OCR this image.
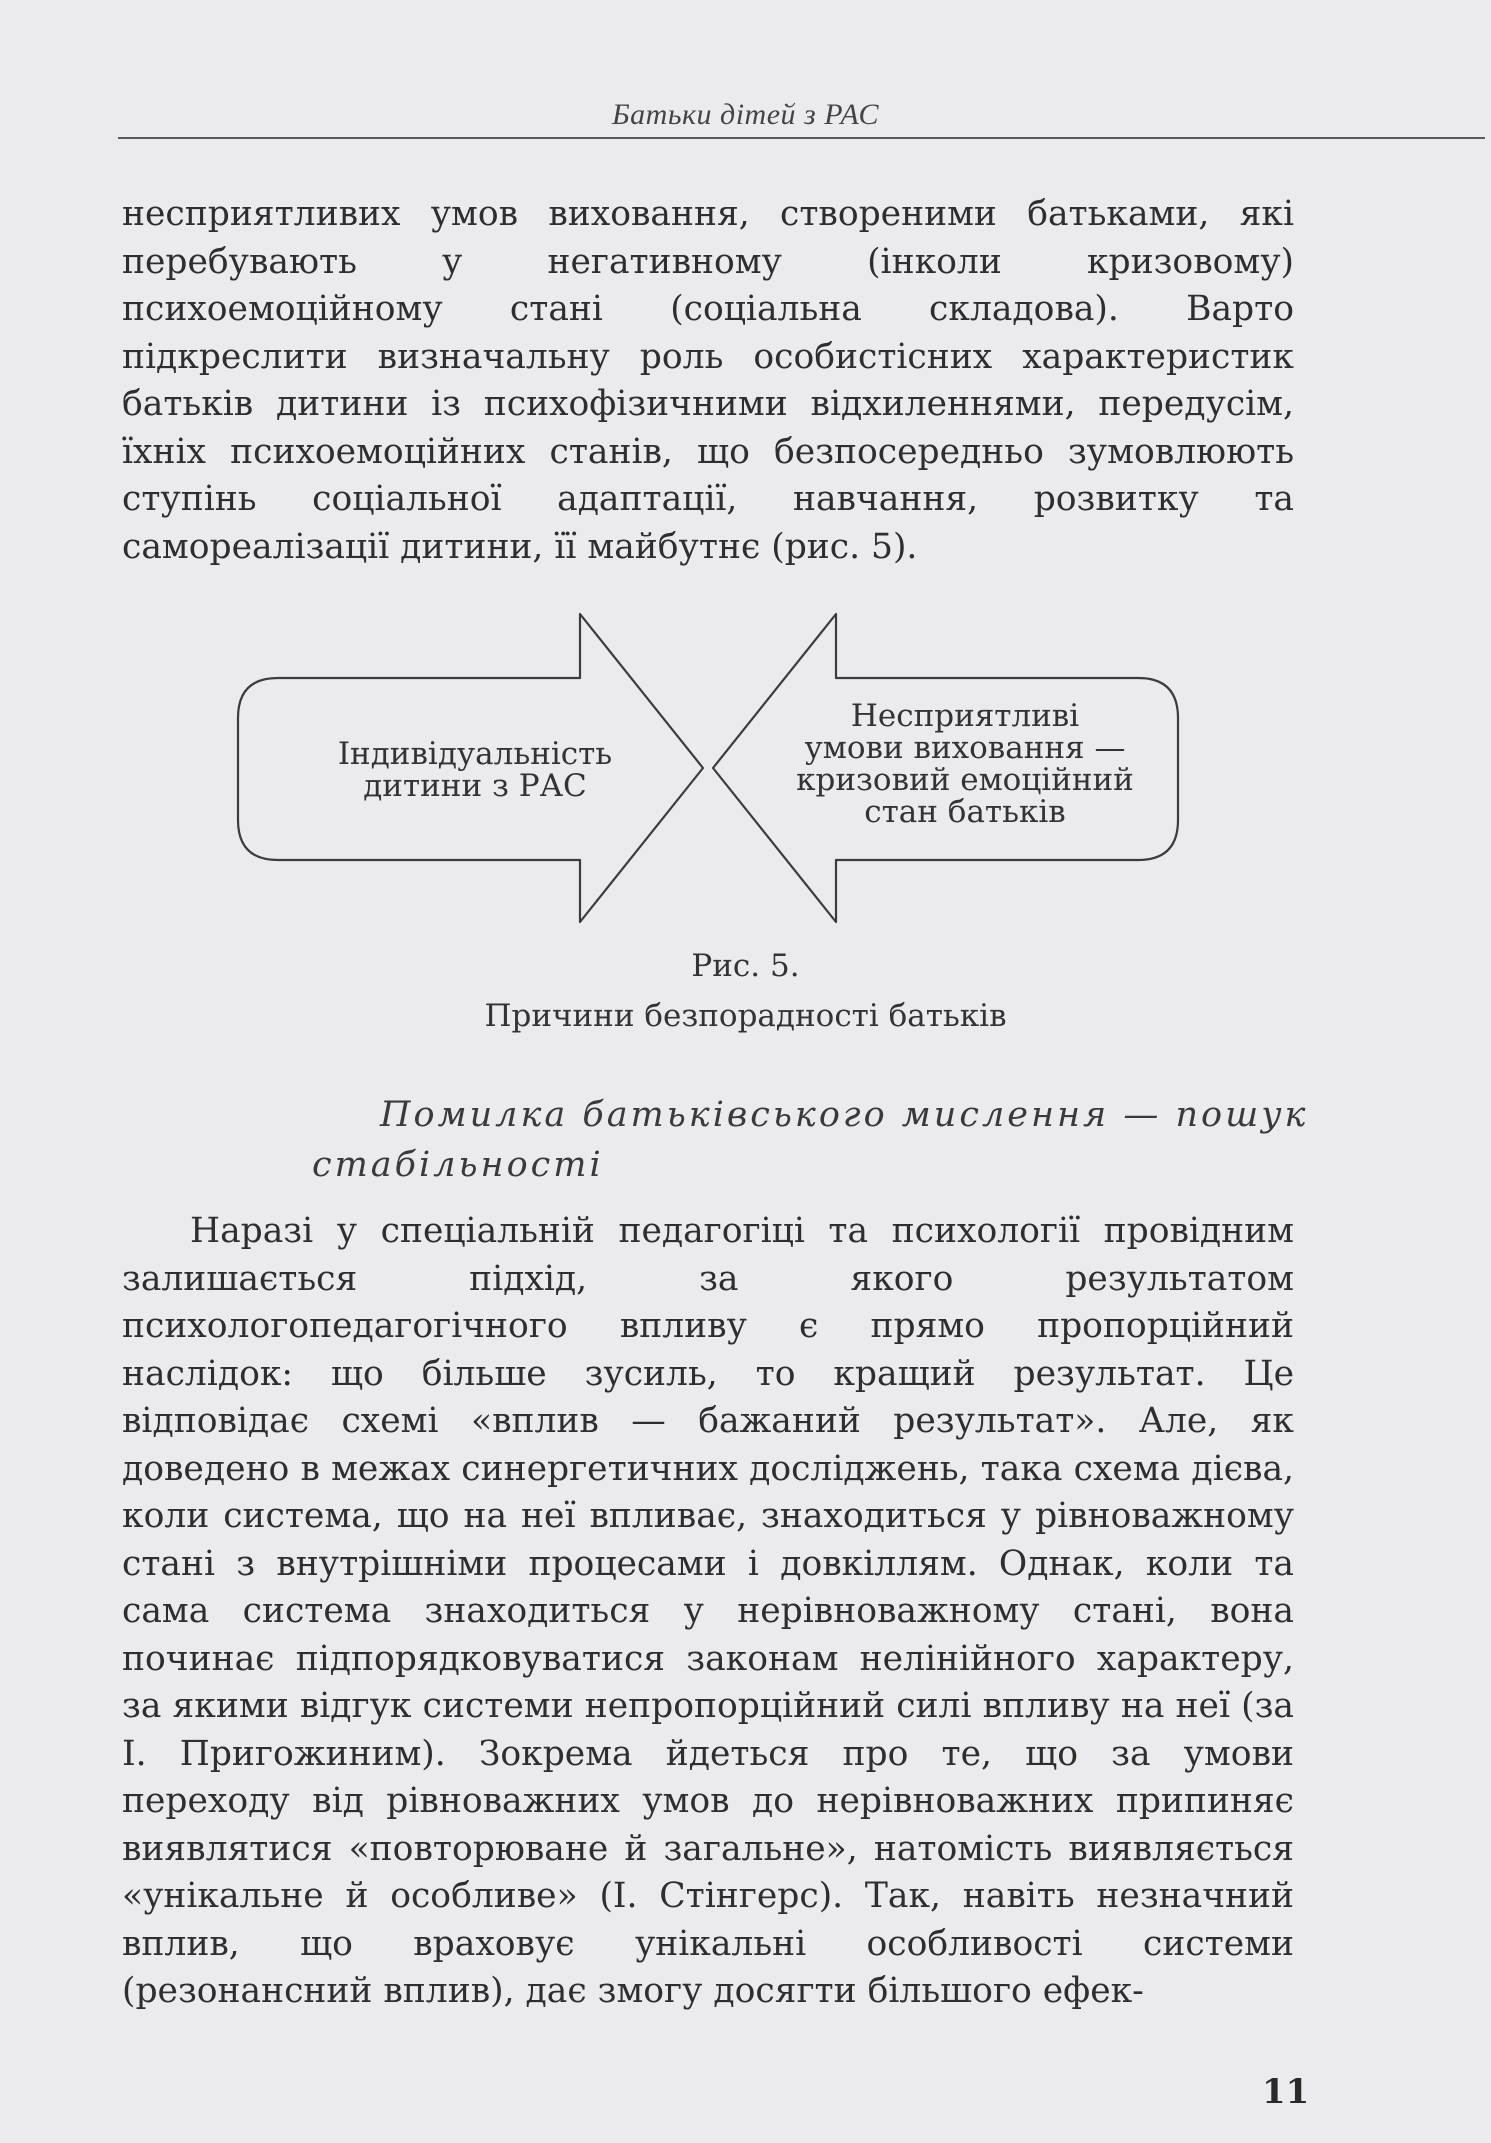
Батьки дітей з РАС

несприятливих умов виховання, створеними батьками, які перебувають у негативному (інколи кризовому) психоемоційному стані (соціальна складова). Варто підкреслити визначальну роль особистісних характеристик батьків дитини із психофізичними відхиленнями, передусім, їхніх психоемоційних станів, що безпосередньо зумовлюють ступінь соціальної адаптації, навчання, розвитку та самореалізації дитини, її майбутнє (рис. 5).

Індивідуальність
дитини з РАС
Несприятливі
умови виховання —
кризовий емоційний
стан батьків
Рис. 5.
Причини безпорадності батьків
Помилка батьківського мислення — пошук
стабільності

Наразі у спеціальній педагогіці та психології провідним залишається підхід, за якого результатом психологопедагогічного впливу є прямо пропорційний наслідок: що більше зусиль, то кращий результат. Це відповідає схемі «вплив — бажаний результат». Але, як доведено в межах синергетичних досліджень, така схема дієва, коли система, що на неї впливає, знаходиться у рівноважному стані з внутрішніми процесами і довкіллям. Однак, коли та сама система знаходиться у нерівноважному стані, вона починає підпорядковуватися законам нелінійного характеру, за якими відгук системи непропорційний силі впливу на неї (за І. Пригожиним). Зокрема йдеться про те, що за умови переходу від рівноважних умов до нерівноважних припиняє виявлятися «повторюване й загальне», натомість виявляється «унікальне й особливе» (І. Стінгерс). Так, навіть незначний вплив, що враховує унікальні особливості системи (резонансний вплив), дає змогу досягти більшого ефек-

11
